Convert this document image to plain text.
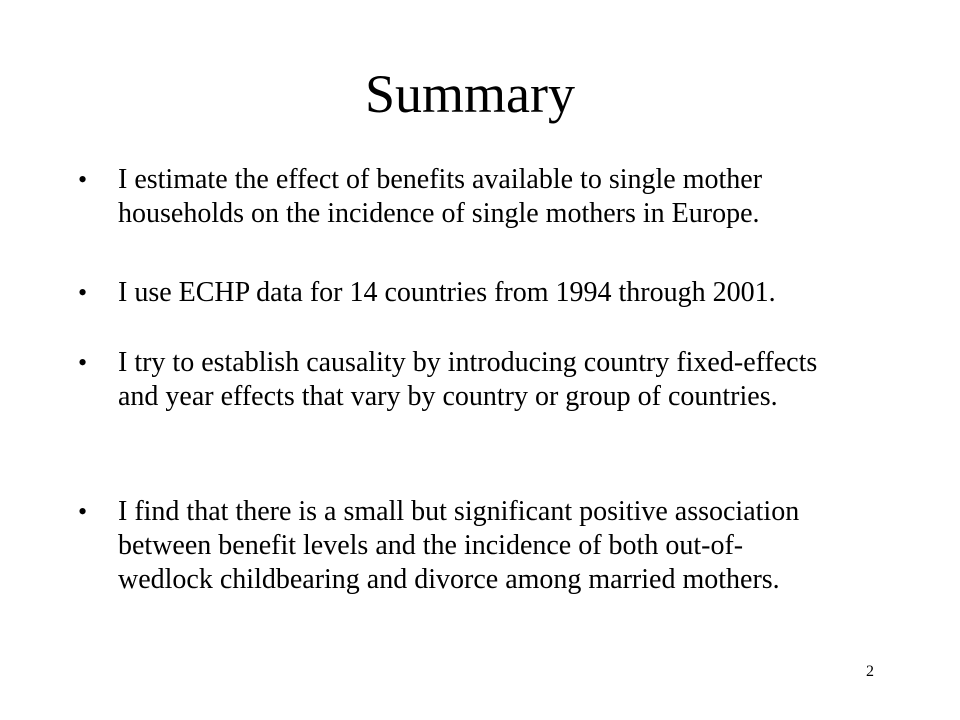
Summary
•	I estimate the effect of benefits available to single mother households on the incidence of single mothers in Europe.
•	I use ECHP data for 14 countries from 1994 through 2001.
•	I try to establish causality by introducing country fixed-effects and year effects that vary by country or group of countries.
•	I find that there is a small but significant positive association between benefit levels and the incidence of both out-of-wedlock childbearing and divorce among married mothers.
2
